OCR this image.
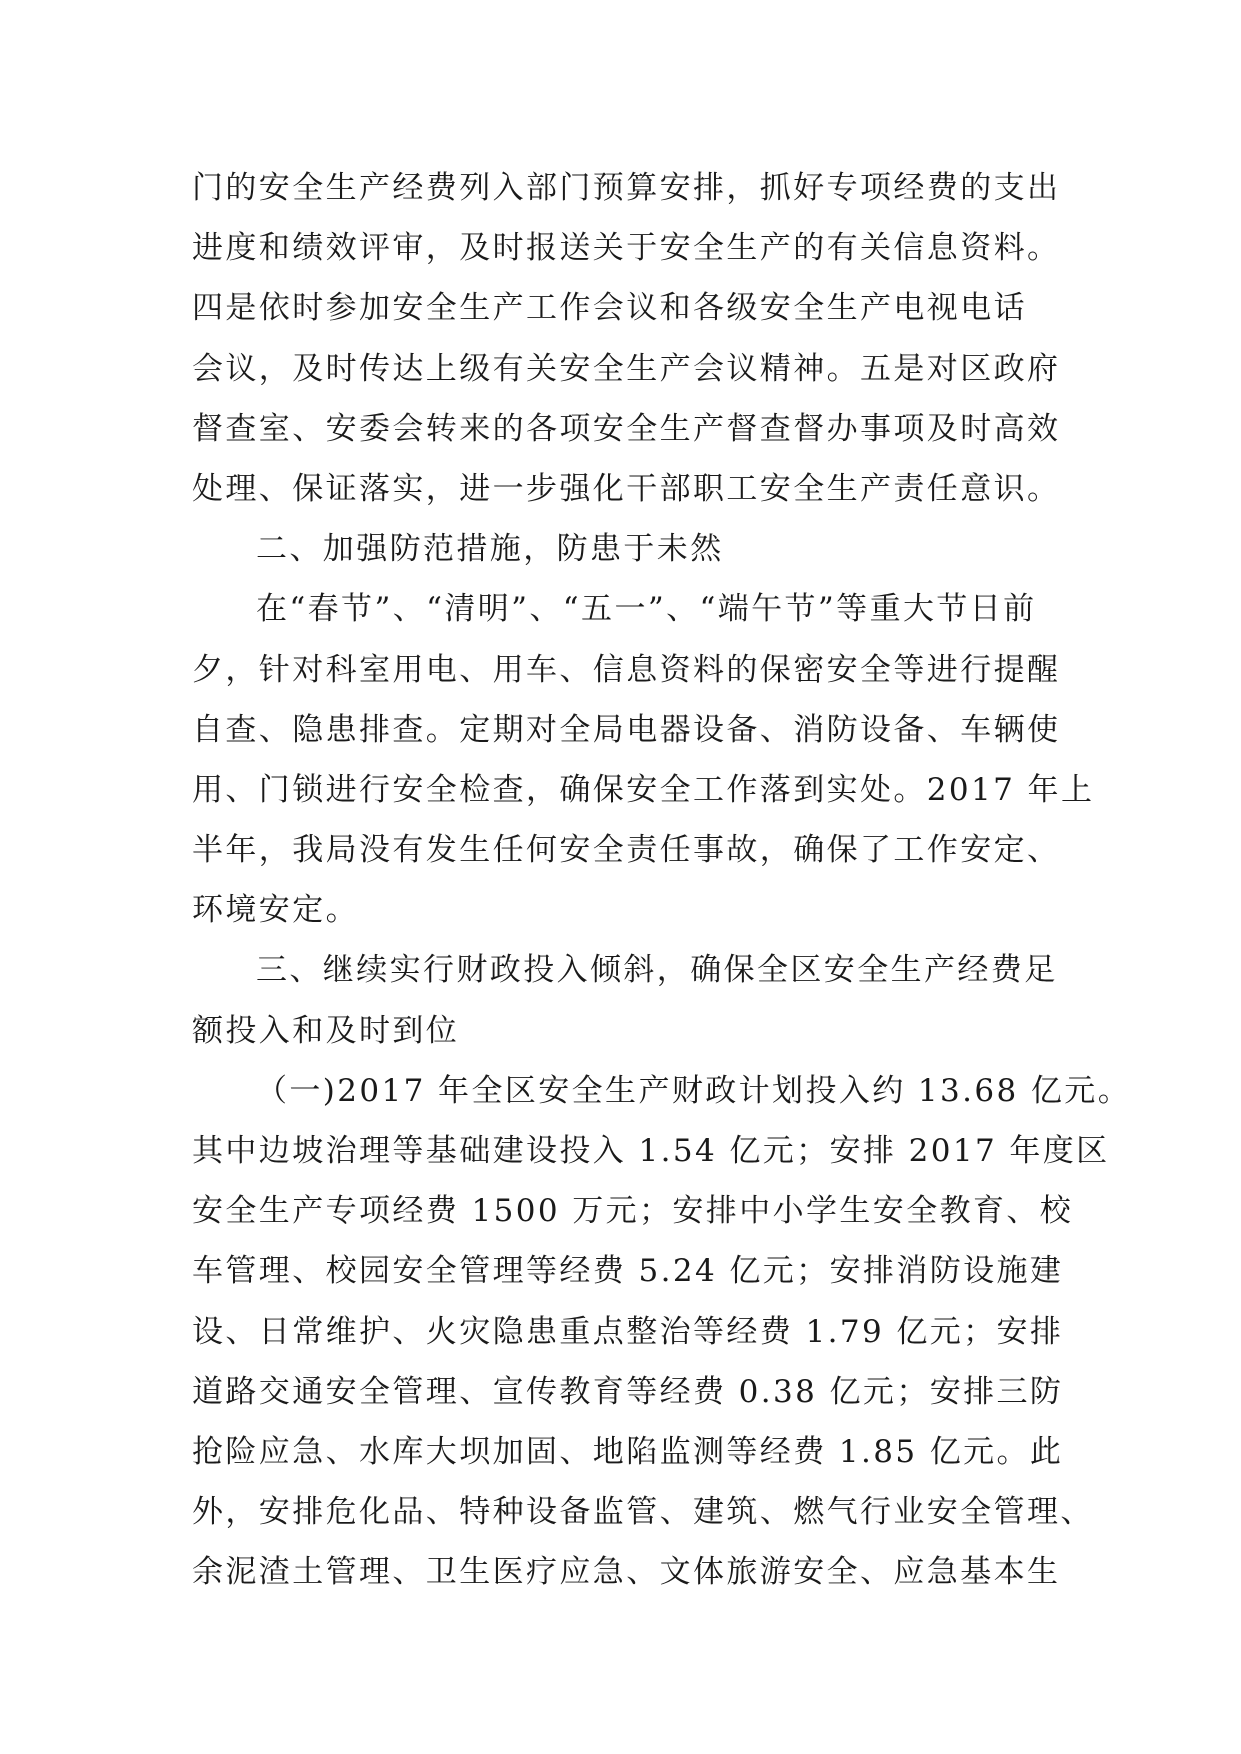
门的安全生产经费列入部门预算安排，抓好专项经费的支出
进度和绩效评审，及时报送关于安全生产的有关信息资料。
四是依时参加安全生产工作会议和各级安全生产电视电话
会议，及时传达上级有关安全生产会议精神。五是对区政府
督查室、安委会转来的各项安全生产督查督办事项及时高效
处理、保证落实，进一步强化干部职工安全生产责任意识。
二、加强防范措施，防患于未然
在“春节”、“清明”、“五一”、“端午节”等重大节日前
夕，针对科室用电、用车、信息资料的保密安全等进行提醒
自查、隐患排查。定期对全局电器设备、消防设备、车辆使
用、门锁进行安全检查，确保安全工作落到实处。2017 年上
半年，我局没有发生任何安全责任事故，确保了工作安定、
环境安定。
三、继续实行财政投入倾斜，确保全区安全生产经费足
额投入和及时到位
（一)2017 年全区安全生产财政计划投入约 13.68 亿元。
其中边坡治理等基础建设投入 1.54 亿元；安排 2017 年度区
安全生产专项经费 1500 万元；安排中小学生安全教育、校
车管理、校园安全管理等经费 5.24 亿元；安排消防设施建
设、日常维护、火灾隐患重点整治等经费 1.79 亿元；安排
道路交通安全管理、宣传教育等经费 0.38 亿元；安排三防
抢险应急、水库大坝加固、地陷监测等经费 1.85 亿元。此
外，安排危化品、特种设备监管、建筑、燃气行业安全管理、
余泥渣土管理、卫生医疗应急、文体旅游安全、应急基本生
